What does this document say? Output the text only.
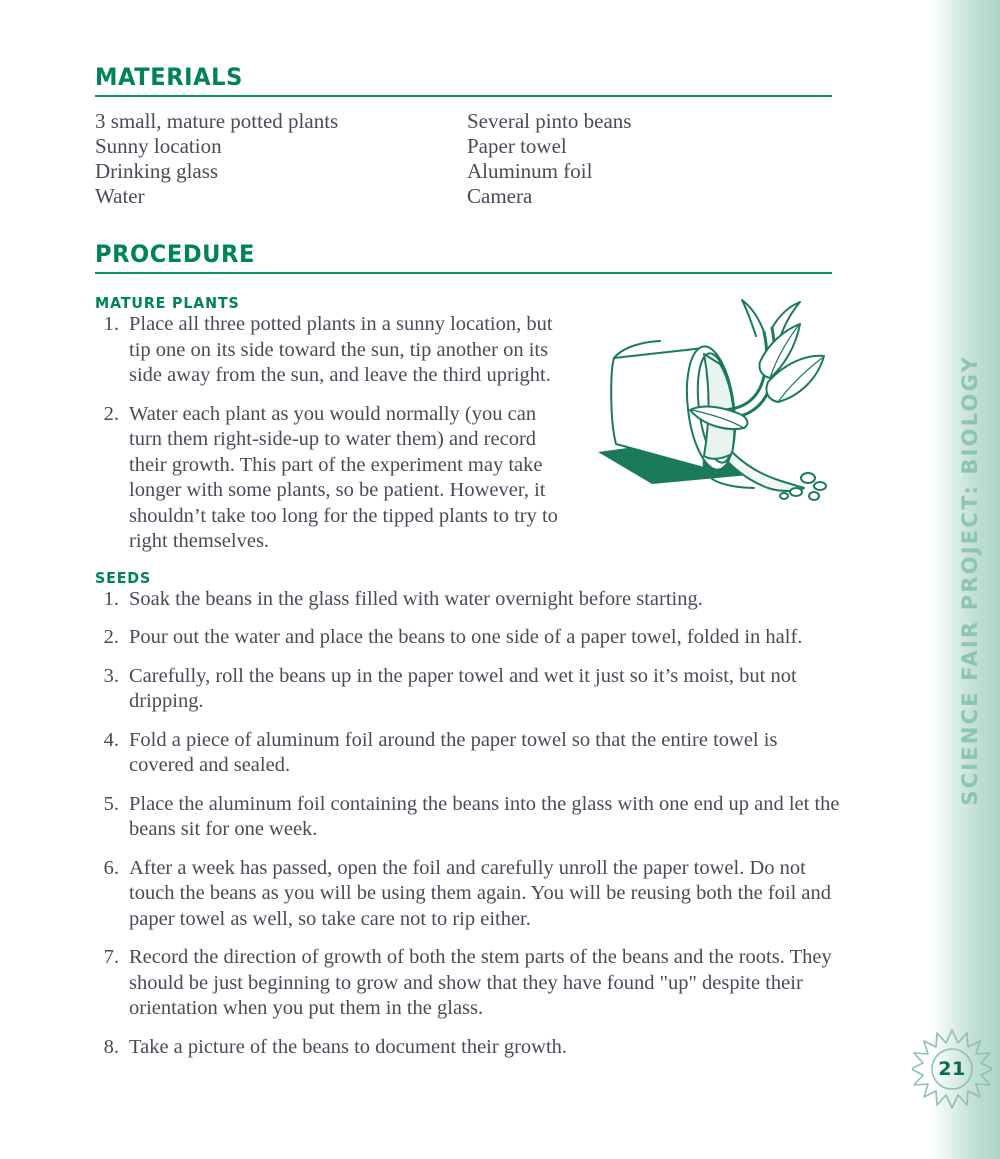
SCIENCE FAIR PROJECT: BIOLOGY
21
MATERIALS
3 small, mature potted plants
Sunny location
Drinking glass
Water
Several pinto beans
Paper towel
Aluminum foil
Camera
PROCEDURE
MATURE PLANTS
1. Place all three potted plants in a sunny location, but tip one on its side toward the sun, tip another on its side away from the sun, and leave the third upright.
2. Water each plant as you would normally (you can turn them right-side-up to water them) and record their growth. This part of the experiment may take longer with some plants, so be patient. However, it shouldn’t take too long for the tipped plants to try to right themselves.
SEEDS
1. Soak the beans in the glass filled with water overnight before starting.
2. Pour out the water and place the beans to one side of a paper towel, folded in half.
3. Carefully, roll the beans up in the paper towel and wet it just so it’s moist, but not dripping.
4. Fold a piece of aluminum foil around the paper towel so that the entire towel is covered and sealed.
5. Place the aluminum foil containing the beans into the glass with one end up and let the beans sit for one week.
6. After a week has passed, open the foil and carefully unroll the paper towel. Do not touch the beans as you will be using them again. You will be reusing both the foil and paper towel as well, so take care not to rip either.
7. Record the direction of growth of both the stem parts of the beans and the roots. They should be just beginning to grow and show that they have found "up" despite their orientation when you put them in the glass.
8. Take a picture of the beans to document their growth.
